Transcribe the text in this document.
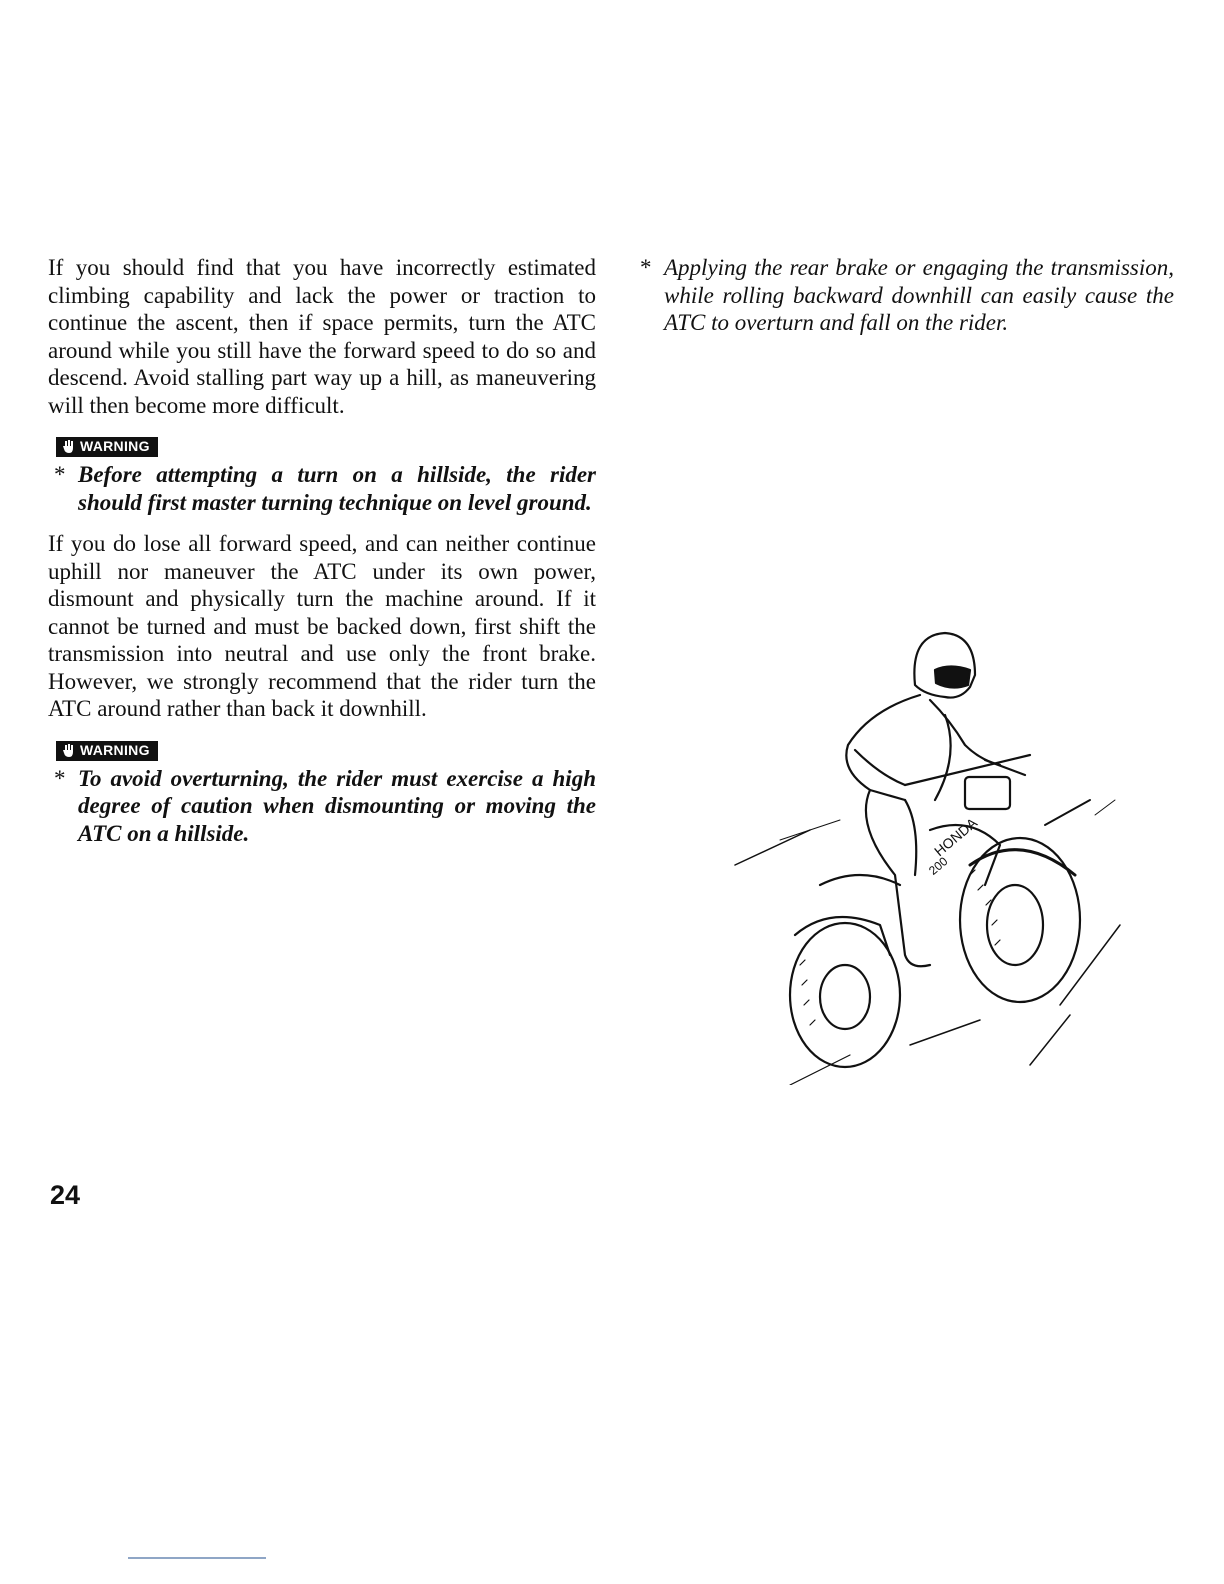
If you should find that you have incorrectly estimated climbing capability and lack the power or traction to continue the ascent, then if space permits, turn the ATC around while you still have the forward speed to do so and descend. Avoid stalling part way up a hill, as maneuvering will then become more difficult.

WARNING
* Before attempting a turn on a hillside, the rider should first master turning technique on level ground.

If you do lose all forward speed, and can neither continue uphill nor maneuver the ATC under its own power, dismount and physically turn the machine around. If it cannot be turned and must be backed down, first shift the transmission into neutral and use only the front brake. However, we strongly recommend that the rider turn the ATC around rather than back it downhill.

WARNING
* To avoid overturning, the rider must exercise a high degree of caution when dismounting or moving the ATC on a hillside.
* Applying the rear brake or engaging the transmission, while rolling backward downhill can easily cause the ATC to overturn and fall on the rider.
HONDA
200
24
